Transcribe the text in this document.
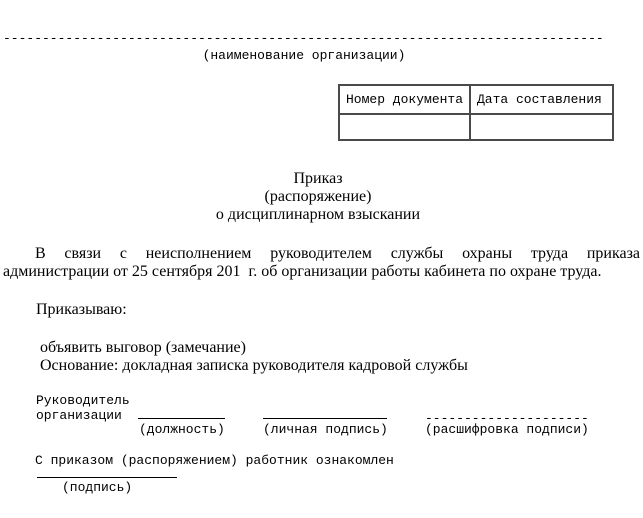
-----------------------------------------------------------------------------
(наименование организации)
Номер документа	Дата составления

Приказ
(распоряжение)
о дисциплинарном взыскании
В связи с неисполнением руководителем службы охраны труда приказа
администрации от 25 сентября 201  г. об организации работы кабинета по охране труда.
Приказываю:
объявить выговор (замечание)
Основание: докладная записка руководителя кадровой службы
Руководитель
организации	---------------------
(должность)	(личная подпись)	(расшифровка подписи)
С приказом (распоряжением) работник ознакомлен
(подпись)
